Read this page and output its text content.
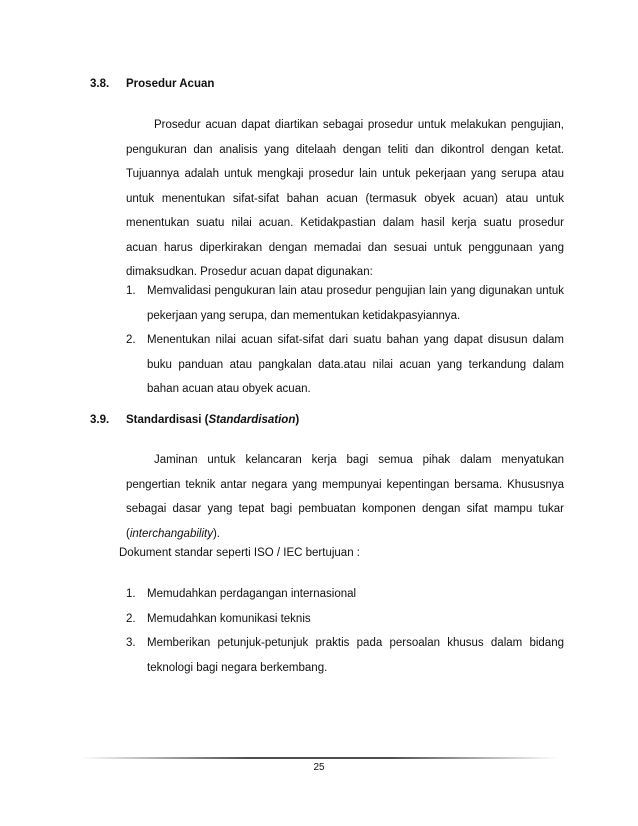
3.8. Prosedur Acuan

Prosedur acuan dapat diartikan sebagai prosedur untuk melakukan pengujian, pengukuran dan analisis yang ditelaah dengan teliti dan dikontrol dengan ketat. Tujuannya adalah untuk mengkaji prosedur lain untuk pekerjaan yang serupa atau untuk menentukan sifat-sifat bahan acuan (termasuk obyek acuan) atau untuk menentukan suatu nilai acuan. Ketidakpastian dalam hasil kerja suatu prosedur acuan harus diperkirakan dengan memadai dan sesuai untuk penggunaan yang dimaksudkan. Prosedur acuan dapat digunakan:

1. Memvalidasi pengukuran lain atau prosedur pengujian lain yang digunakan untuk pekerjaan yang serupa, dan mementukan ketidakpasyiannya.
2. Menentukan nilai acuan sifat-sifat dari suatu bahan yang dapat disusun dalam buku panduan atau pangkalan data.atau nilai acuan yang terkandung dalam bahan acuan atau obyek acuan.
3.9. Standardisasi (Standardisation)

Jaminan untuk kelancaran kerja bagi semua pihak dalam menyatukan pengertian teknik antar negara yang mempunyai kepentingan bersama. Khususnya sebagai dasar yang tepat bagi pembuatan komponen dengan sifat mampu tukar (interchangability).

Dokument standar seperti ISO / IEC bertujuan :
1. Memudahkan perdagangan internasional
2. Memudahkan komunikasi teknis
3. Memberikan petunjuk-petunjuk praktis pada persoalan khusus dalam bidang teknologi bagi negara berkembang.
25
